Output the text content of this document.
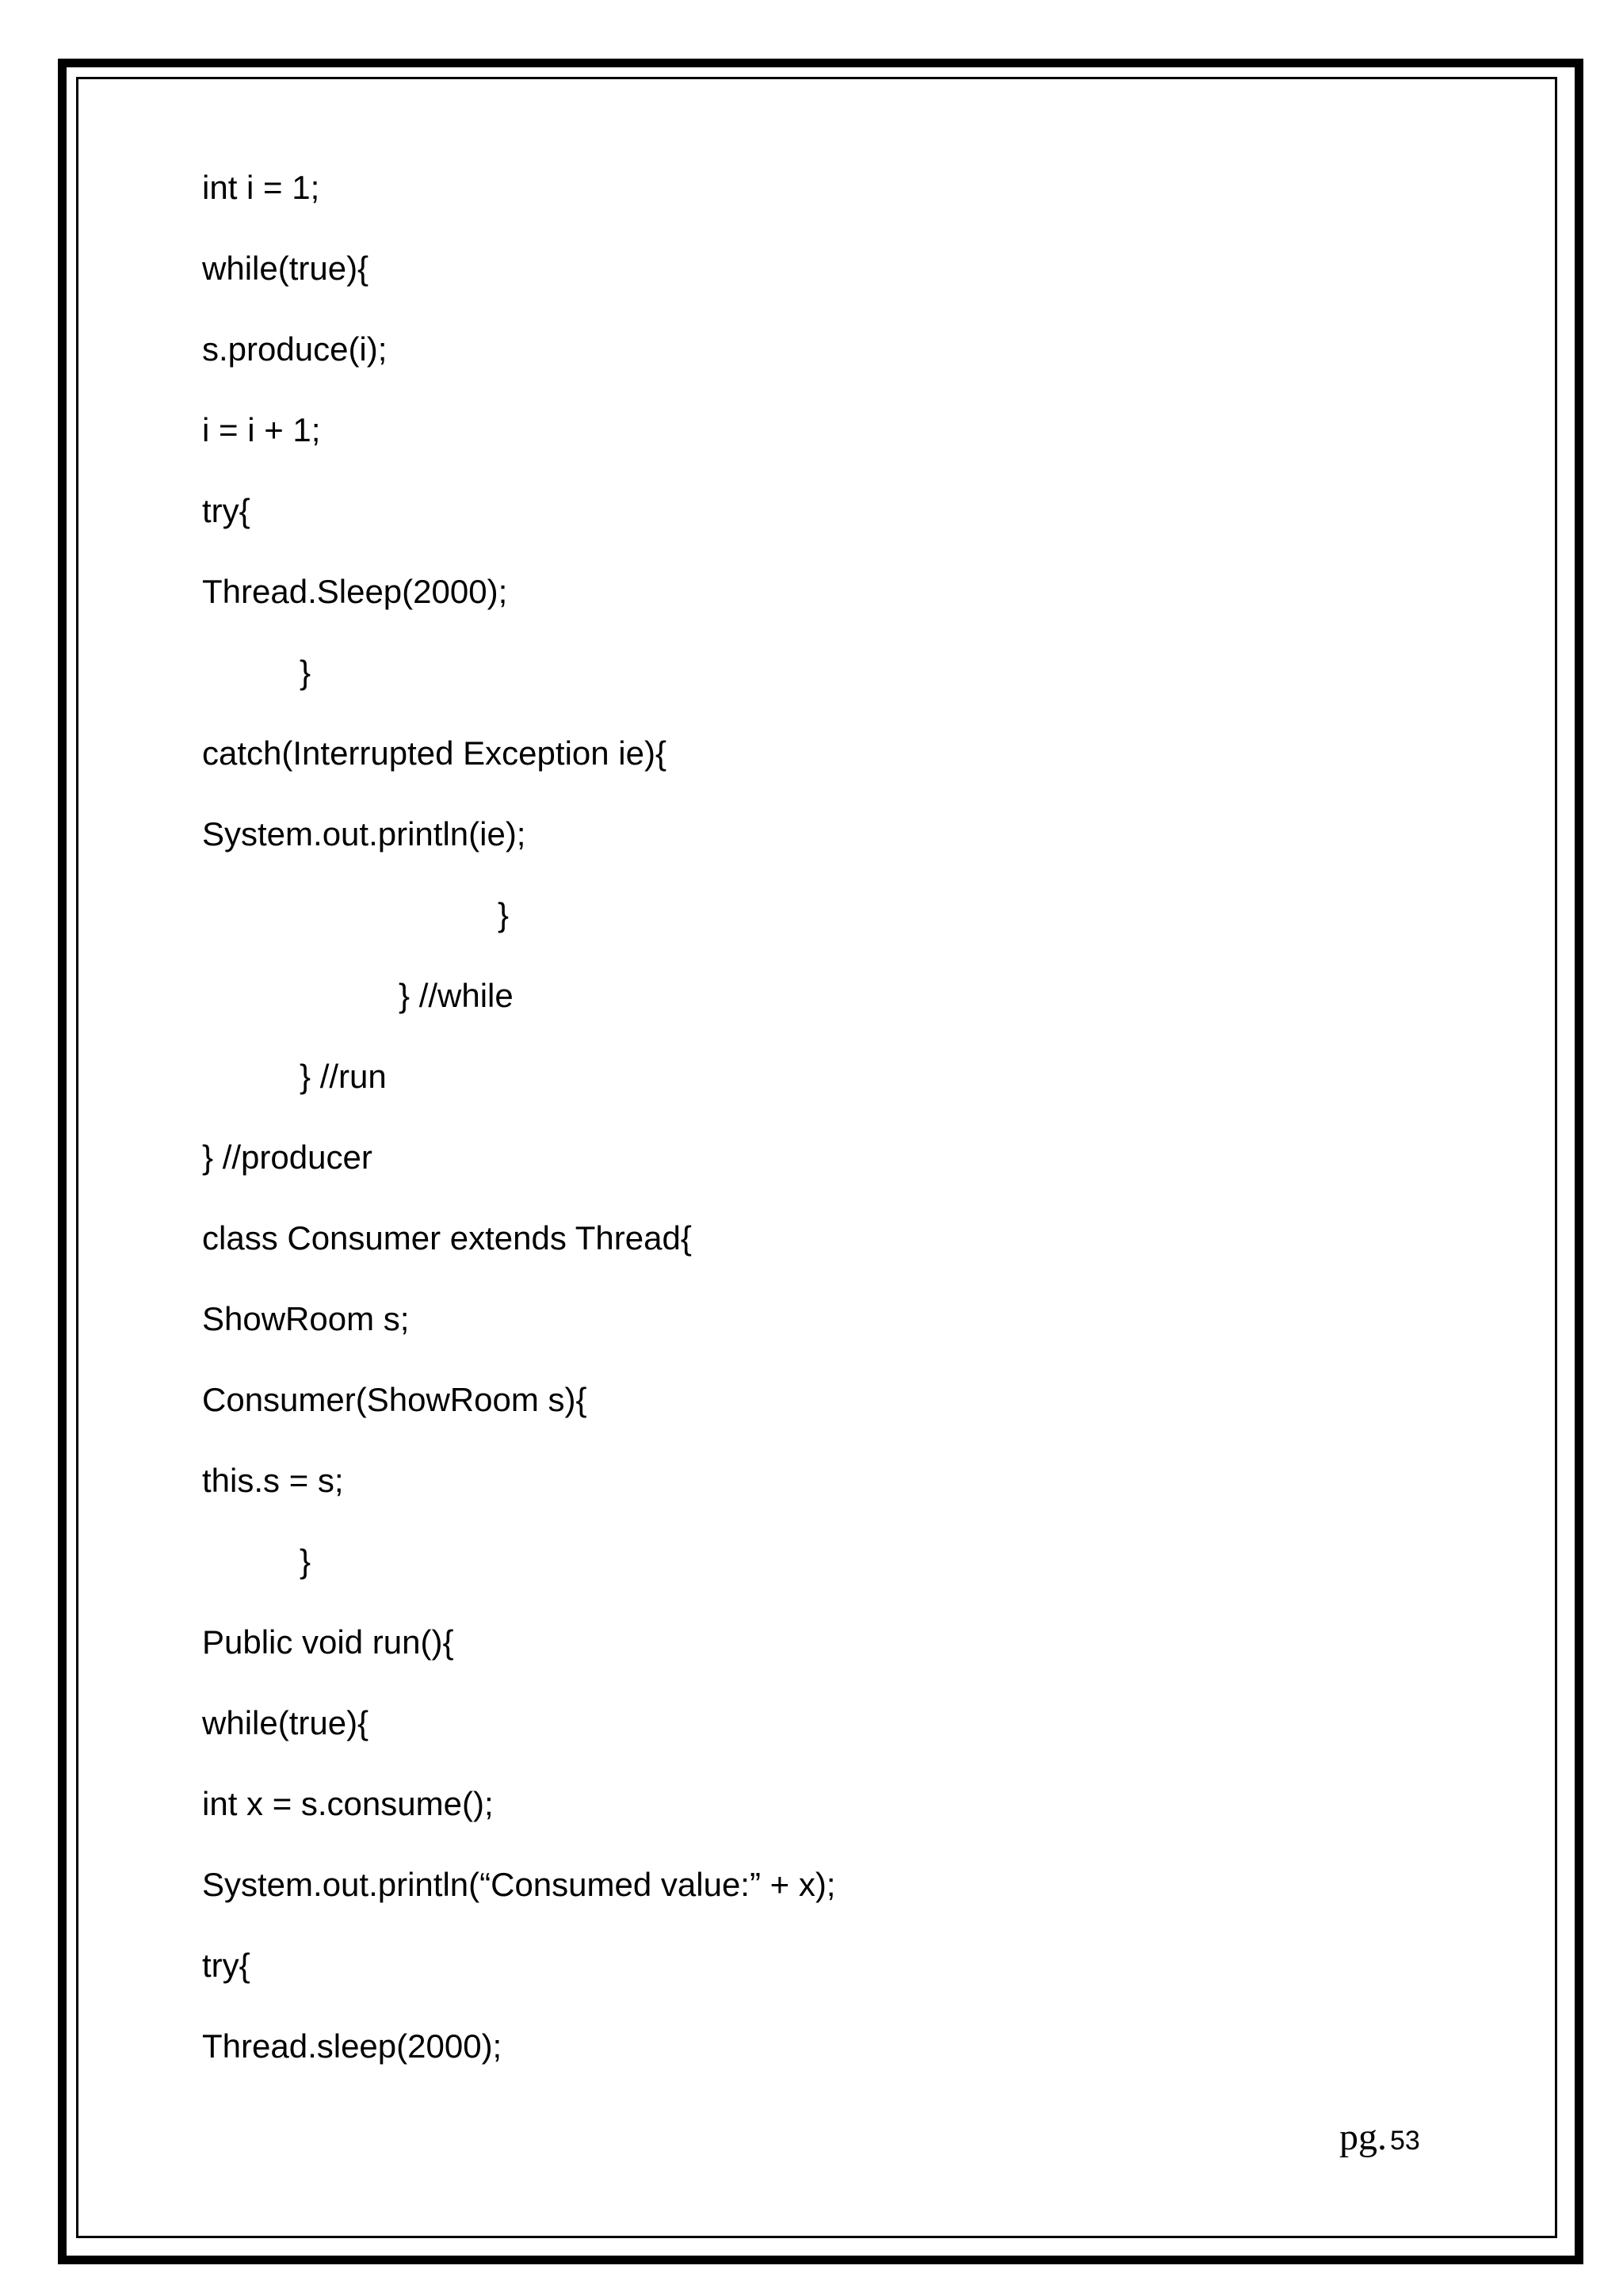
int i = 1;
while(true){
s.produce(i);
i = i + 1;
try{
Thread.Sleep(2000);
}
catch(Interrupted Exception ie){
System.out.println(ie);
}
} //while
} //run
} //producer
class Consumer extends Thread{
ShowRoom s;
Consumer(ShowRoom s){
this.s = s;
}
Public void run(){
while(true){
int x = s.consume();
System.out.println(“Consumed value:” + x);
try{
Thread.sleep(2000);
pg. 53
